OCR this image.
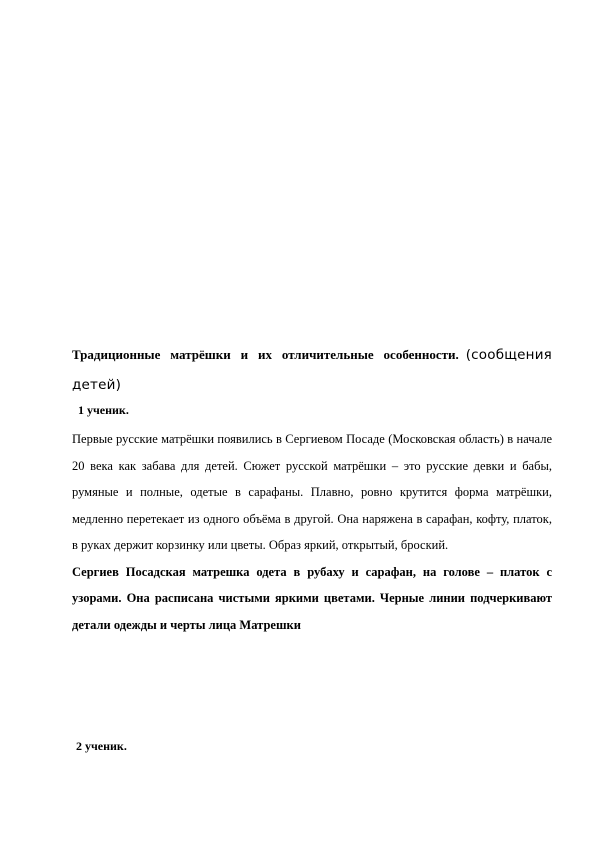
Традиционные матрёшки и их отличительные особенности. (сообщения детей)

1 ученик.

Первые русские матрёшки появились в Сергиевом Посаде (Московская область) в начале 20 века как забава для детей. Сюжет русской матрёшки – это русские девки и бабы, румяные и полные, одетые в сарафаны. Плавно, ровно крутится форма матрёшки, медленно перетекает из одного объёма в другой. Она наряжена в сарафан, кофту, платок, в руках держит корзинку или цветы. Образ яркий, открытый, броский.

Сергиев Посадская матрешка одета в рубаху и сарафан, на голове – платок с узорами. Она расписана чистыми яркими цветами. Черные линии подчеркивают детали одежды и черты лица Матрешки

2 ученик.
